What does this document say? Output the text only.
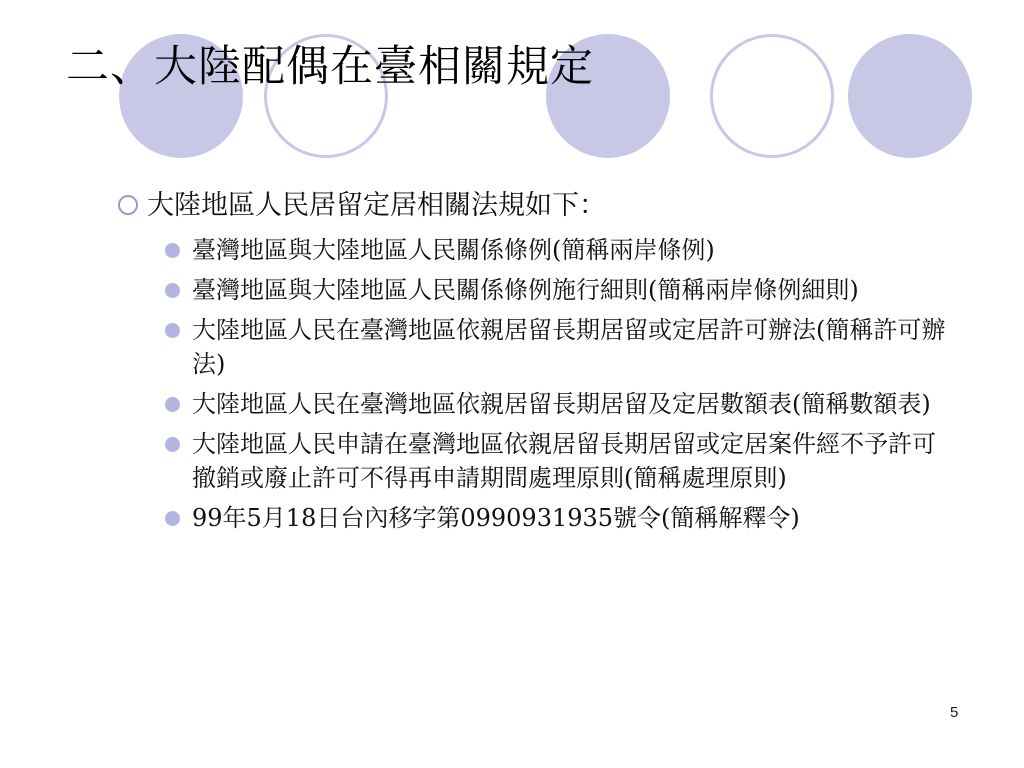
二、大陸配偶在臺相關規定
大陸地區人民居留定居相關法規如下：
臺灣地區與大陸地區人民關係條例(簡稱兩岸條例)
臺灣地區與大陸地區人民關係條例施行細則(簡稱兩岸條例細則)
大陸地區人民在臺灣地區依親居留長期居留或定居許可辦法(簡稱許可辦法)
大陸地區人民在臺灣地區依親居留長期居留及定居數額表(簡稱數額表)
大陸地區人民申請在臺灣地區依親居留長期居留或定居案件經不予許可撤銷或廢止許可不得再申請期間處理原則(簡稱處理原則)
99年5月18日台內移字第0990931935號令(簡稱解釋令)
5
